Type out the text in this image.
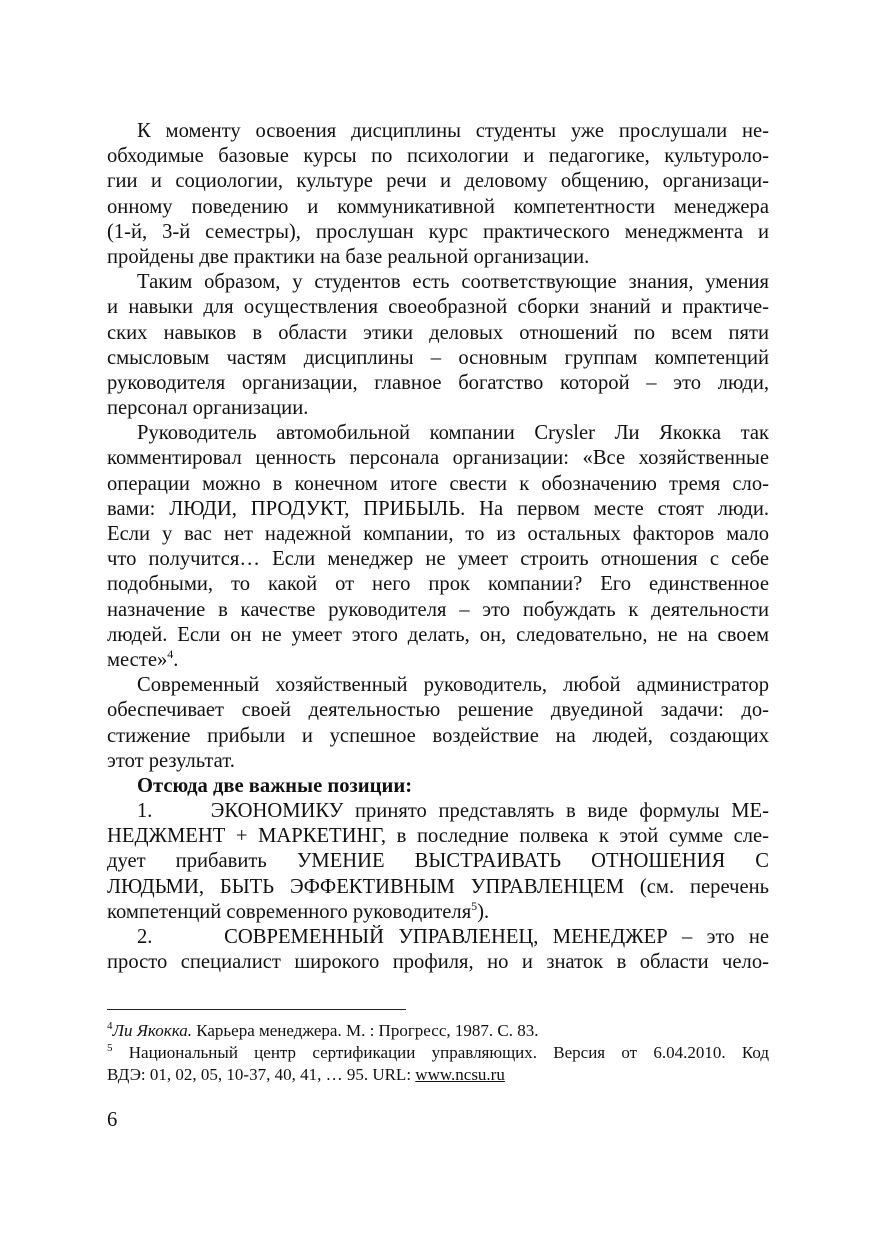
К моменту освоения дисциплины студенты уже прослушали не-
обходимые базовые курсы по психологии и педагогике, культуроло-
гии и социологии, культуре речи и деловому общению, организаци-
онному поведению и коммуникативной компетентности менеджера
(1-й, 3-й семестры), прослушан курс практического менеджмента и
пройдены две практики на базе реальной организации.
Таким образом, у студентов есть соответствующие знания, умения
и навыки для осуществления своеобразной сборки знаний и практиче-
ских навыков в области этики деловых отношений по всем пяти
смысловым частям дисциплины – основным группам компетенций
руководителя организации, главное богатство которой – это люди,
персонал организации.
Руководитель автомобильной компании Crysler Ли Якокка так
комментировал ценность персонала организации: «Все хозяйственные
операции можно в конечном итоге свести к обозначению тремя сло-
вами: ЛЮДИ, ПРОДУКТ, ПРИБЫЛЬ. На первом месте стоят люди.
Если у вас нет надежной компании, то из остальных факторов мало
что получится… Если менеджер не умеет строить отношения с себе
подобными, то какой от него прок компании? Его единственное
назначение в качестве руководителя – это побуждать к деятельности
людей. Если он не умеет этого делать, он, следовательно, не на своем
месте»$^4$.
Современный хозяйственный руководитель, любой администратор
обеспечивает своей деятельностью решение двуединой задачи: до-
стижение прибыли и успешное воздействие на людей, создающих
этот результат.
Отсюда две важные позиции:
1.     ЭКОНОМИКУ принято представлять в виде формулы МЕ-
НЕДЖМЕНТ + МАРКЕТИНГ, в последние полвека к этой сумме сле-
дует прибавить УМЕНИЕ ВЫСТРАИВАТЬ ОТНОШЕНИЯ С
ЛЮДЬМИ, БЫТЬ ЭФФЕКТИВНЫМ УПРАВЛЕНЦЕМ (см. перечень
компетенций современного руководителя$^5$).
2.     СОВРЕМЕННЫЙ УПРАВЛЕНЕЦ, МЕНЕДЖЕР – это не
просто специалист широкого профиля, но и знаток в области чело-
$^4$Ли Якокка. Карьера менеджера. М. : Прогресс, 1987. С. 83.
$^5$ Национальный центр сертификации управляющих. Версия от 6.04.2010. Код
ВДЭ: 01, 02, 05, 10-37, 40, 41, … 95. URL: www.ncsu.ru
6
